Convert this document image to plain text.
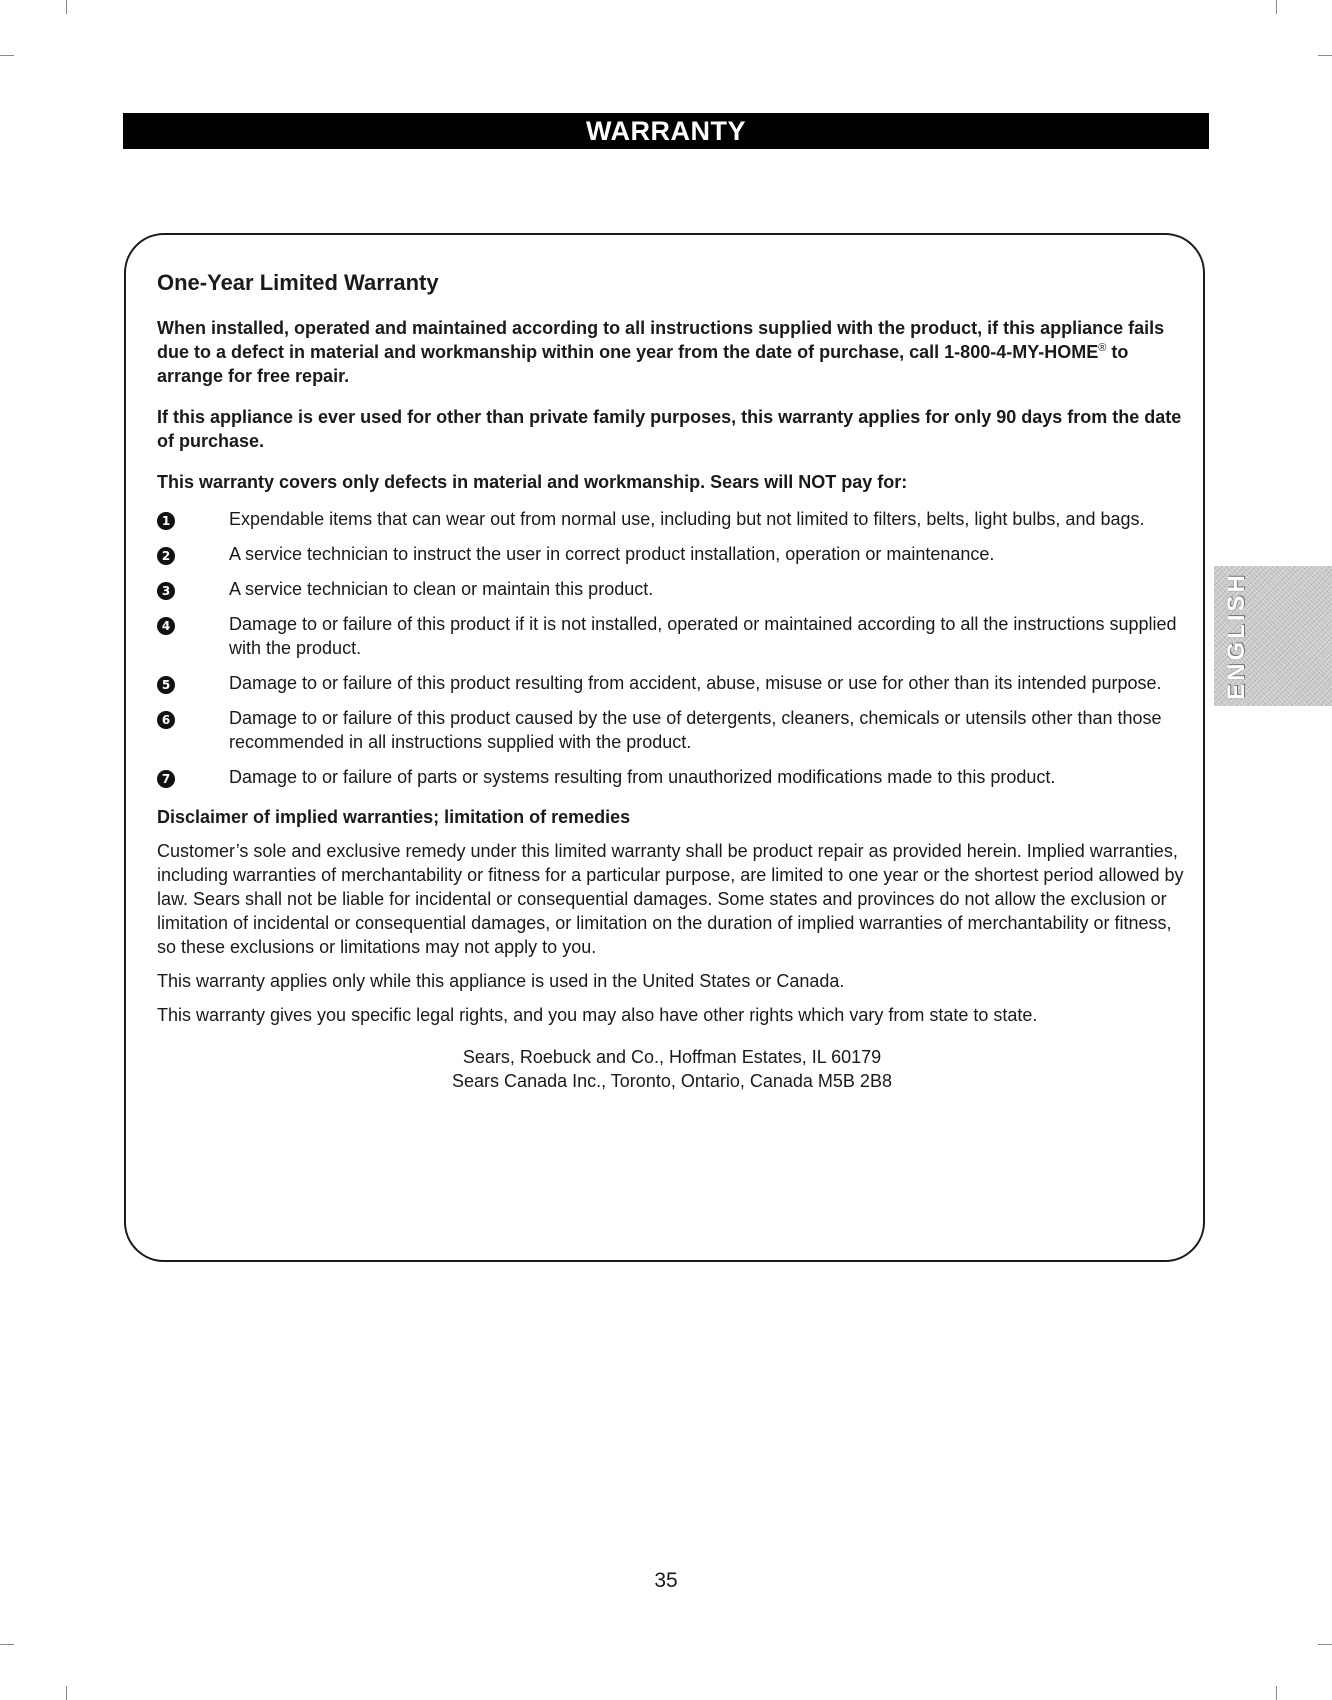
WARRANTY
One-Year Limited Warranty

When installed, operated and maintained according to all instructions supplied with the product, if this appliance fails due to a defect in material and workmanship within one year from the date of purchase, call 1-800-4-MY-HOME® to arrange for free repair.

If this appliance is ever used for other than private family purposes, this warranty applies for only 90 days from the date of purchase.

This warranty covers only defects in material and workmanship. Sears will NOT pay for:

1	Expendable items that can wear out from normal use, including but not limited to filters, belts, light bulbs, and bags.
2	A service technician to instruct the user in correct product installation, operation or maintenance.
3	A service technician to clean or maintain this product.
4	Damage to or failure of this product if it is not installed, operated or maintained according to all the instructions supplied with the product.
5	Damage to or failure of this product resulting from accident, abuse, misuse or use for other than its intended purpose.
6	Damage to or failure of this product caused by the use of detergents, cleaners, chemicals or utensils other than those recommended in all instructions supplied with the product.
7	Damage to or failure of parts or systems resulting from unauthorized modifications made to this product.

Disclaimer of implied warranties; limitation of remedies

Customer’s sole and exclusive remedy under this limited warranty shall be product repair as provided herein. Implied warranties, including warranties of merchantability or fitness for a particular purpose, are limited to one year or the shortest period allowed by law. Sears shall not be liable for incidental or consequential damages. Some states and provinces do not allow the exclusion or limitation of incidental or consequential damages, or limitation on the duration of implied warranties of merchantability or fitness, so these exclusions or limitations may not apply to you.

This warranty applies only while this appliance is used in the United States or Canada.

This warranty gives you specific legal rights, and you may also have other rights which vary from state to state.

Sears, Roebuck and Co., Hoffman Estates, IL 60179
Sears Canada Inc., Toronto, Ontario, Canada M5B 2B8
ENGLISH
35
